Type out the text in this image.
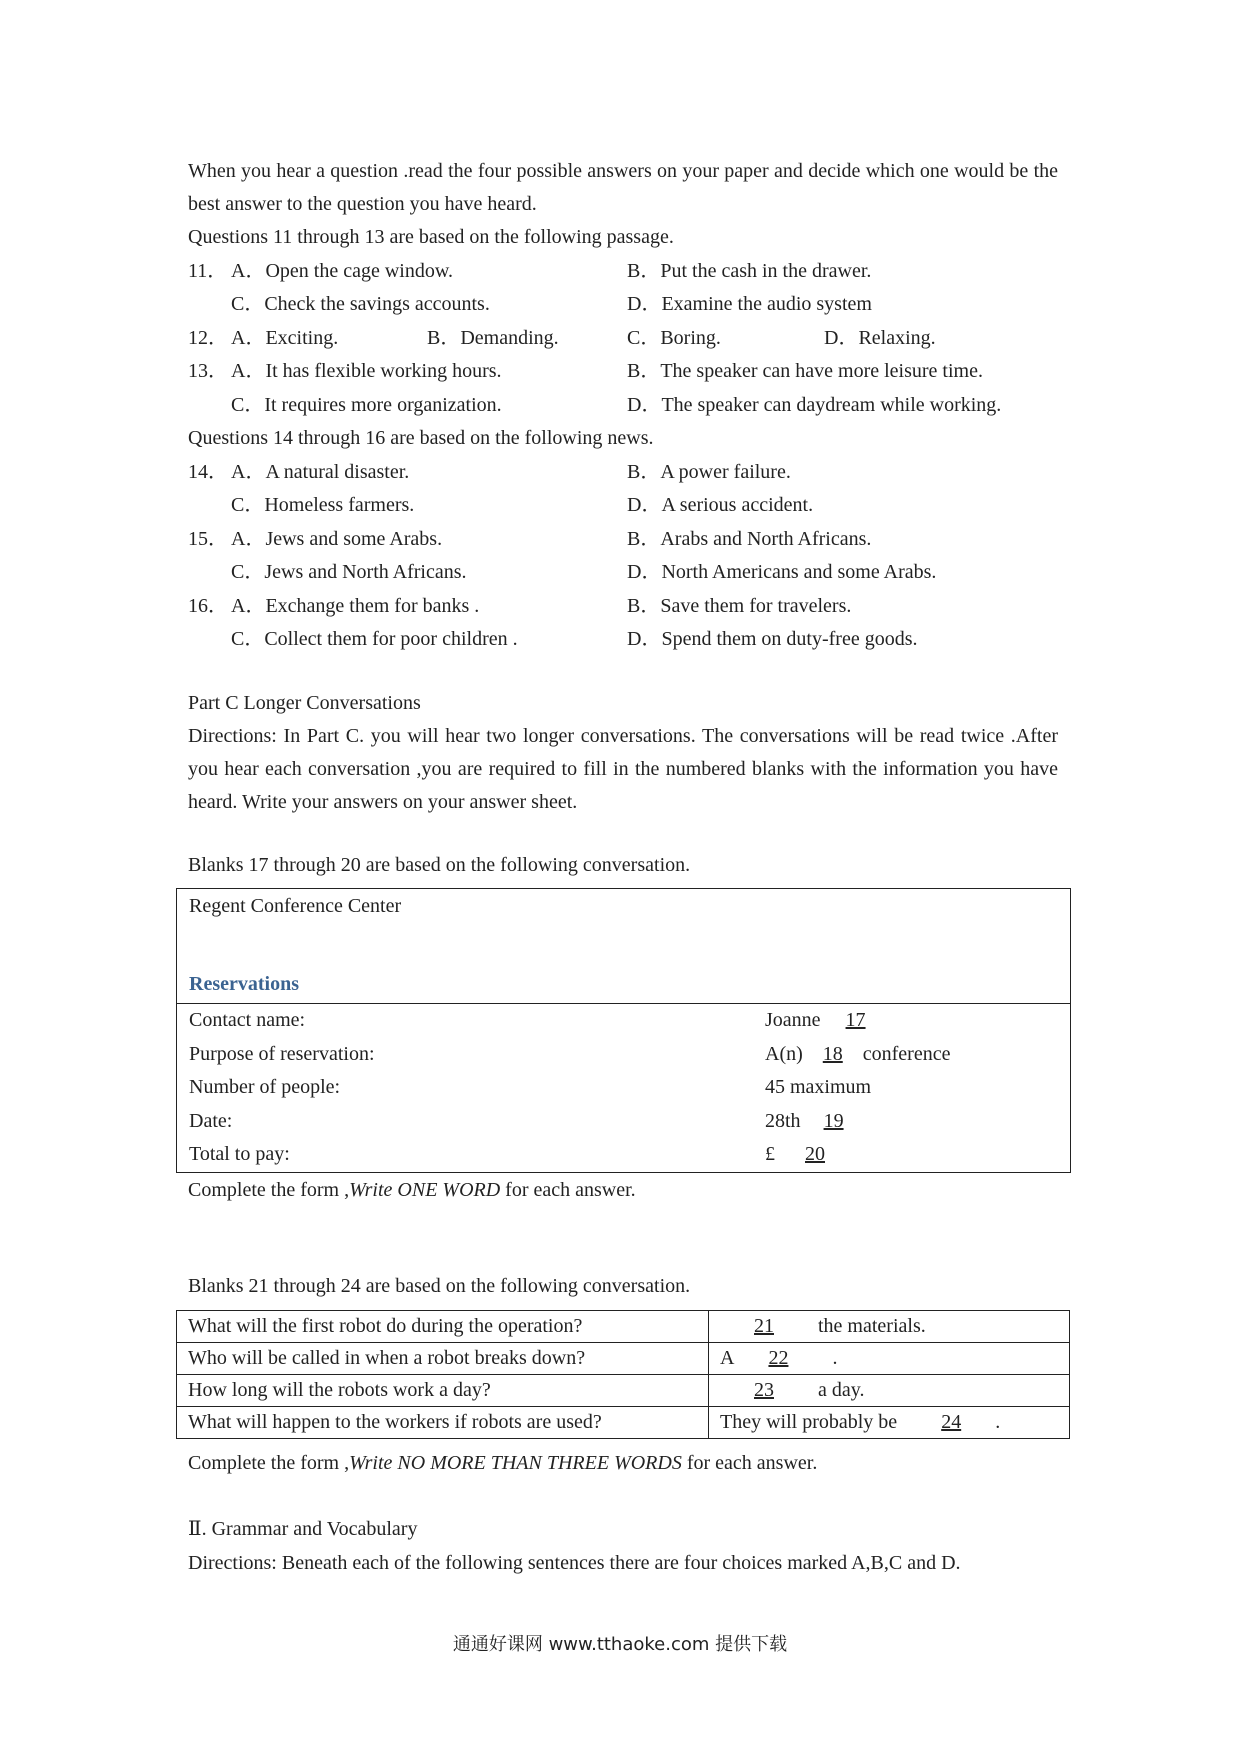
When you hear a question .read the four possible answers on your paper and decide which one would be the best answer to the question you have heard.

Questions 11 through 13 are based on the following passage.
11． A．Open the cage window.	B．Put the cash in the drawer.
C．Check the savings accounts.	D．Examine the audio system
12． A．Exciting.	B．Demanding.	C．Boring.	D．Relaxing.
13． A．It has flexible working hours.	B．The speaker can have more leisure time.
C．It requires more organization.	D．The speaker can daydream while working.
Questions 14 through 16 are based on the following news.
14． A．A natural disaster.	B．A power failure.
C．Homeless farmers.	D．A serious accident.
15． A．Jews and some Arabs.	B．Arabs and North Africans.
C．Jews and North Africans.	D．North Americans and some Arabs.
16． A．Exchange them for banks .	B．Save them for travelers.
C．Collect them for poor children .	D．Spend them on duty-free goods.
Part C Longer Conversations

Directions: In Part C. you will hear two longer conversations. The conversations will be read twice .After you hear each conversation ,you are required to fill in the numbered blanks with the information you have heard. Write your answers on your answer sheet.

Blanks 17 through 20 are based on the following conversation.
Regent Conference Center
Reservations
Contact name:	Joanne 17
Purpose of reservation:	A(n) 18 conference
Number of people:	45 maximum
Date:	28th 19
Total to pay:	£ 20
Complete the form ,Write ONE WORD for each answer.
Blanks 21 through 24 are based on the following conversation.
What will the first robot do during the operation?	21  the materials.
Who will be called in when a robot breaks down?	A 22  .
How long will the robots work a day?	23  a day.
What will happen to the workers if robots are used?	They will probably be  24 .
Complete the form ,Write NO MORE THAN THREE WORDS for each answer.
Ⅱ. Grammar and Vocabulary
Directions: Beneath each of the following sentences there are four choices marked A,B,C and D.
通通好课网 www.tthaoke.com 提供下载
